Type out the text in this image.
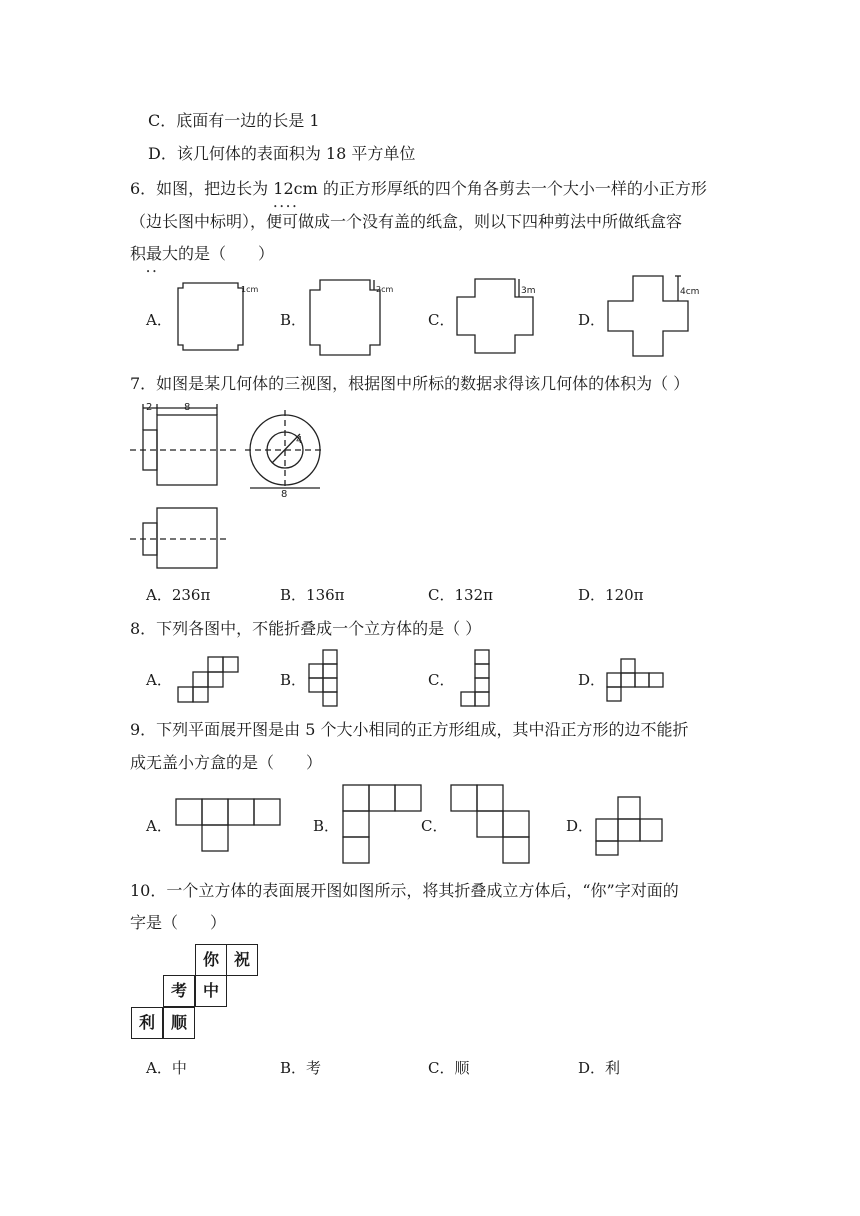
C．底面有一边的长是 1
D．该几何体的表面积为 18 平方单位
6．如图，把边长为 12cm • • • • 的正方形厚纸的四个角各剪去一个大小一样的小正方形
（边长图中标明），便可做成一个没有盖的纸盒，则以下四种剪法中所做纸盒容
积最大 • •的是（　　）
A．
1cm
B．
2cm
C．
3m
D．
4cm
7．如图是某几何体的三视图，根据图中所标的数据求得该几何体的体积为（ ）
2	8
4
8
A．236π	B．136π	C．132π	D．120π
8．下列各图中，不能折叠成一个立方体的是（ ）
A．	B．	C．	D．
9．下列平面展开图是由 5 个大小相同的正方形组成，其中沿正方形的边不能折
成无盖小方盒的是（　　）
A．	B．	C．	D．
10．一个立方体的表面展开图如图所示，将其折叠成立方体后，“你”字对面的
字是（　　）
你 祝
考 中
利 顺
A．中	B．考	C．顺	D．利
